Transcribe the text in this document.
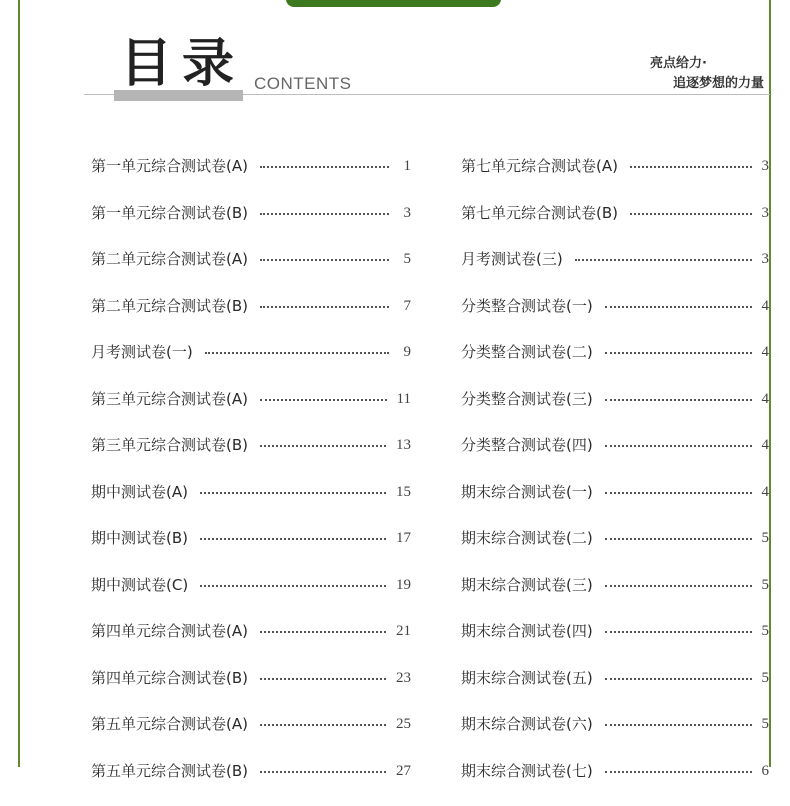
目录 CONTENTS
亮点给力·
追逐梦想的力量
第一单元综合测试卷(A)	1
第一单元综合测试卷(B)	3
第二单元综合测试卷(A)	5
第二单元综合测试卷(B)	7
月考测试卷(一)	9
第三单元综合测试卷(A)	11
第三单元综合测试卷(B)	13
期中测试卷(A)	15
期中测试卷(B)	17
期中测试卷(C)	19
第四单元综合测试卷(A)	21
第四单元综合测试卷(B)	23
第五单元综合测试卷(A)	25
第五单元综合测试卷(B)	27
第七单元综合测试卷(A)	3
第七单元综合测试卷(B)	3
月考测试卷(三)	3
分类整合测试卷(一)	4
分类整合测试卷(二)	4
分类整合测试卷(三)	4
分类整合测试卷(四)	4
期末综合测试卷(一)	4
期末综合测试卷(二)	5
期末综合测试卷(三)	5
期末综合测试卷(四)	5
期末综合测试卷(五)	5
期末综合测试卷(六)	5
期末综合测试卷(七)	6
